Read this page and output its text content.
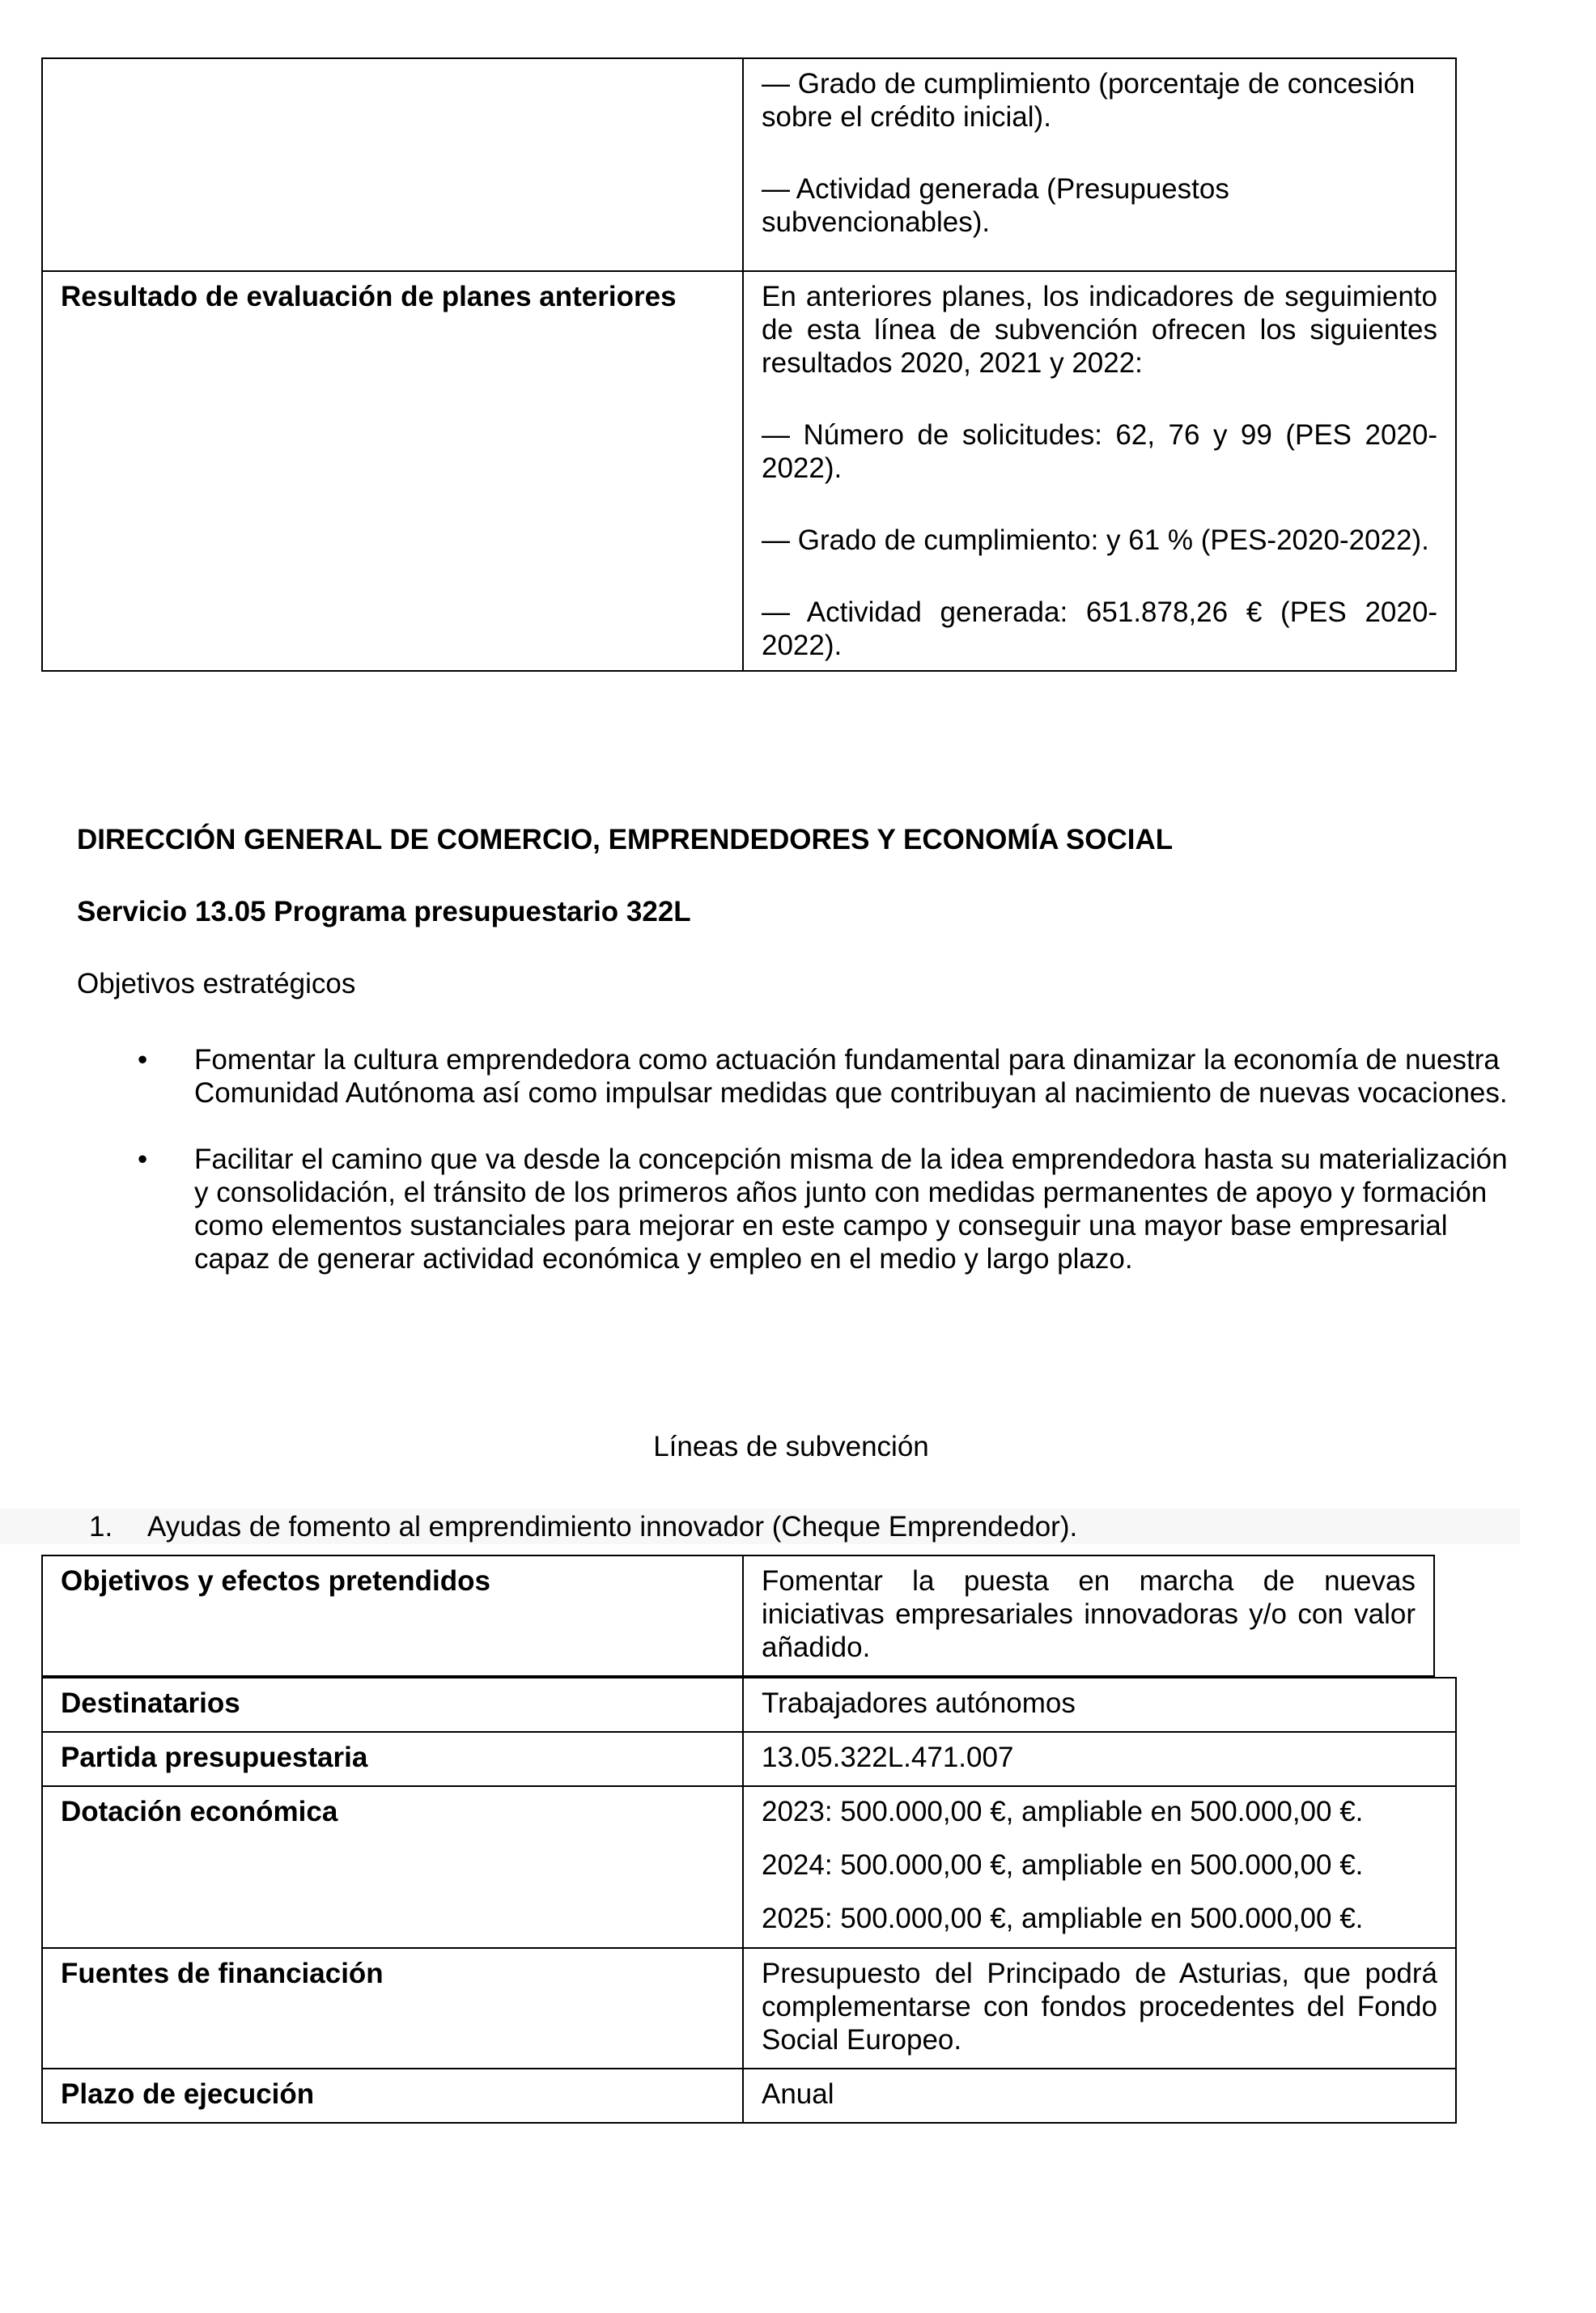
	— Grado de cumplimiento (porcentaje de concesión sobre el crédito inicial).

— Actividad generada (Presupuestos subvencionables).

Resultado de evaluación de planes anteriores	En anteriores planes, los indicadores de seguimiento de esta línea de subvención ofrecen los siguientes resultados 2020, 2021 y 2022:

— Número de solicitudes: 62, 76 y 99 (PES 2020-2022).

— Grado de cumplimiento: y 61 % (PES-2020-2022).

— Actividad generada: 651.878,26 € (PES 2020-2022).

DIRECCIÓN GENERAL DE COMERCIO, EMPRENDEDORES Y ECONOMÍA SOCIAL

Servicio 13.05 Programa presupuestario 322L

Objetivos estratégicos

• Fomentar la cultura emprendedora como actuación fundamental para dinamizar la economía de nuestra Comunidad Autónoma así como impulsar medidas que contribuyan al nacimiento de nuevas vocaciones.
• Facilitar el camino que va desde la concepción misma de la idea emprendedora hasta su materialización y consolidación, el tránsito de los primeros años junto con medidas permanentes de apoyo y formación como elementos sustanciales para mejorar en este campo y conseguir una mayor base empresarial capaz de generar actividad económica y empleo en el medio y largo plazo.

Líneas de subvención

1. Ayudas de fomento al emprendimiento innovador (Cheque Emprendedor).
Objetivos y efectos pretendidos	Fomentar la puesta en marcha de nuevas iniciativas empresariales innovadoras y/o con valor añadido.
Destinatarios	Trabajadores autónomos
Partida presupuestaria	13.05.322L.471.007
Dotación económica	2023: 500.000,00 €, ampliable en 500.000,00 €.

2024: 500.000,00 €, ampliable en 500.000,00 €.

2025: 500.000,00 €, ampliable en 500.000,00 €.

Fuentes de financiación	Presupuesto del Principado de Asturias, que podrá complementarse con fondos procedentes del Fondo Social Europeo.
Plazo de ejecución	Anual
